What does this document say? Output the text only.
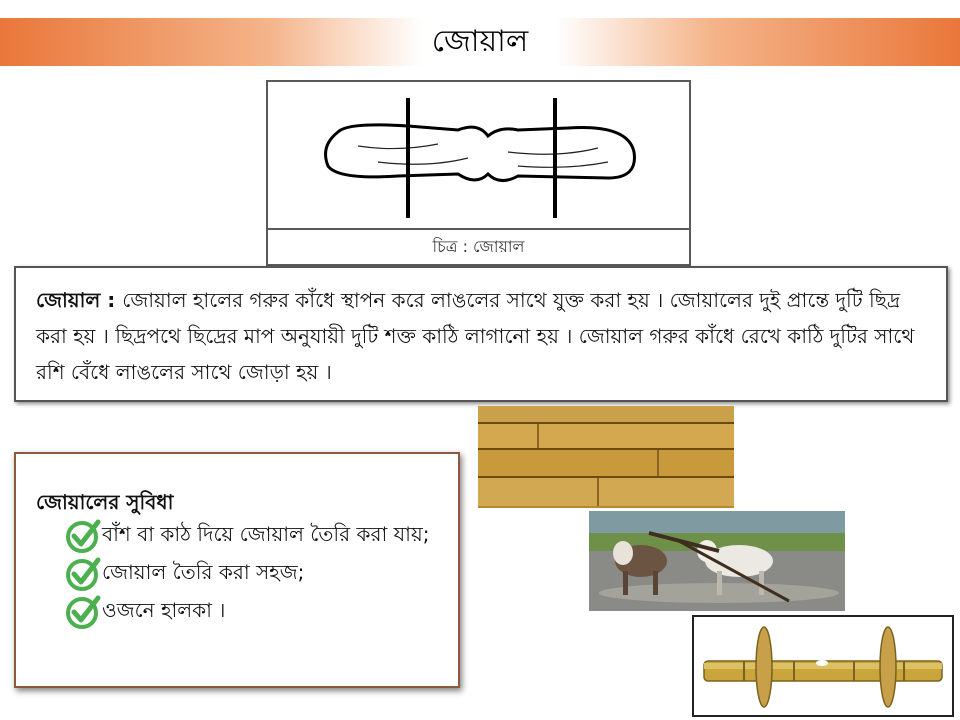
জোয়াল
চিত্র : জোয়াল
জোয়াল : জোয়াল হালের গরুর কাঁধে স্থাপন করে লাঙলের সাথে যুক্ত করা হয় । জোয়ালের দুই প্রান্তে দুটি ছিদ্র করা হয় । ছিদ্রপথে ছিদ্রের মাপ অনুযায়ী দুটি শক্ত কাঠি লাগানো হয় । জোয়াল গরুর কাঁধে রেখে কাঠি দুটির সাথে রশি বেঁধে লাঙলের সাথে জোড়া হয় ।
জোয়ালের সুবিধা
বাঁশ বা কাঠ দিয়ে জোয়াল তৈরি করা যায়;
জোয়াল তৈরি করা সহজ;
ওজনে হালকা ।
